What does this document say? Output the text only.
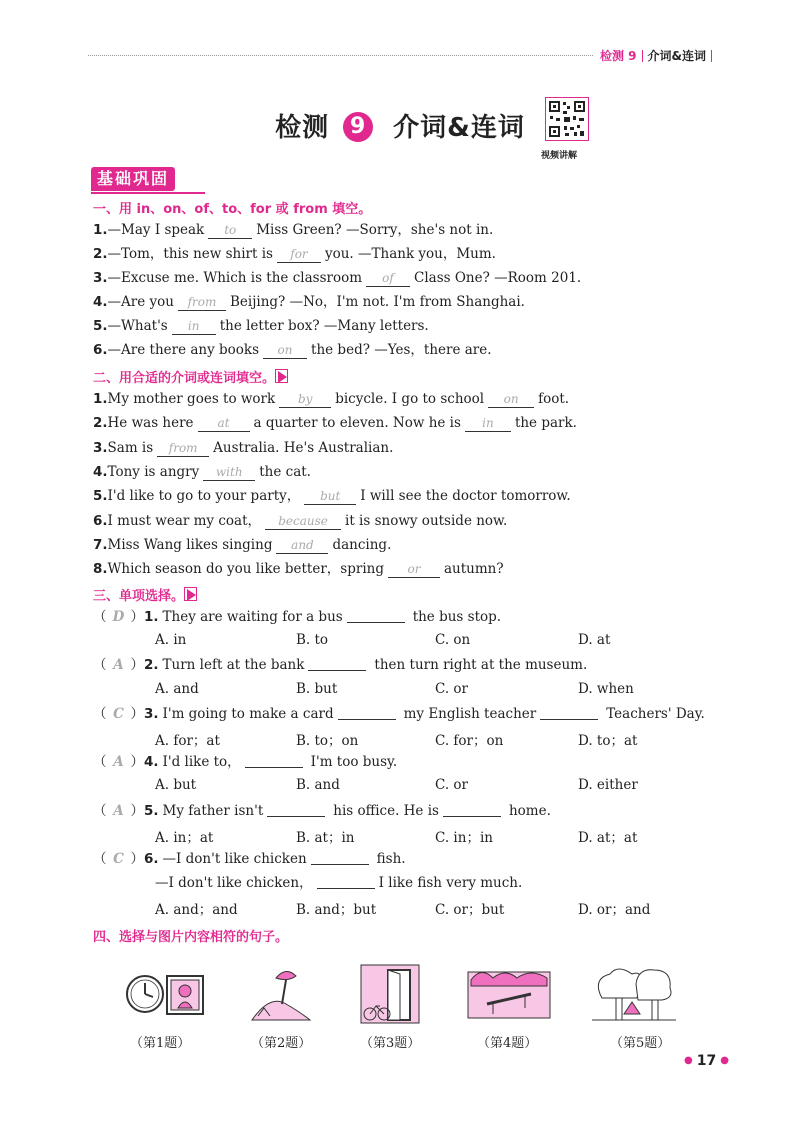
检测 9 介词&连词
检测 9 介词&连词
视频讲解
基础巩固
一、用 in、on、of、to、for 或 from 填空。
1.—May I speak to Miss Green? —Sorry，she's not in.
2.—Tom，this new shirt is for you. —Thank you，Mum.
3.—Excuse me. Which is the classroom of Class One? —Room 201.
4.—Are you from Beijing? —No，I'm not. I'm from Shanghai.
5.—What's in the letter box? —Many letters.
6.—Are there any books on the bed? —Yes，there are.
二、用合适的介词或连词填空。
1.My mother goes to work by bicycle. I go to school on foot.
2.He was here at a quarter to eleven. Now he is in the park.
3.Sam is from Australia. He's Australian.
4.Tony is angry with the cat.
5.I'd like to go to your party， but I will see the doctor tomorrow.
6.I must wear my coat， because it is snowy outside now.
7.Miss Wang likes singing and dancing.
8.Which season do you like better，spring or autumn?
三、单项选择。
（ D ）1. They are waiting for a bus	the bus stop.
A. in	B. to	C. on	D. at
（ A ）2. Turn left at the bank	then turn right at the museum.
A. and	B. but	C. or	D. when
（ C ）3. I'm going to make a card	my English teacher	Teachers' Day.
A. for；at	B. to；on	C. for；on	D. to；at
（ A ）4. I'd like to，	I'm too busy.
A. but	B. and	C. or	D. either
（ A ）5. My father isn't	his office. He is	home.
A. in；at	B. at；in	C. in；in	D. at；at
（ C ）6. —I don't like chicken	fish.
—I don't like chicken，	I like fish very much.
A. and；and	B. and；but	C. or；but	D. or；and
四、选择与图片内容相符的句子。
（第1题）	（第2题）	（第3题）	（第4题）	（第5题）
● 17 ●
